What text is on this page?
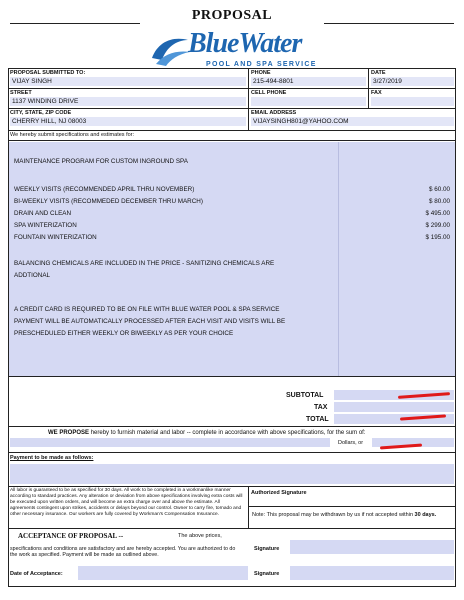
PROPOSAL
BlueWater
POOL AND SPA SERVICE
PROPOSAL SUBMITTED TO:
VIJAY SINGH
PHONE
215-494-8801
DATE
3/27/2019
STREET
1137 WINDING DRIVE
CELL PHONE	FAX
CITY, STATE, ZIP CODE
CHERRY HILL, NJ 08003
EMAIL ADDRESS
VIJAYSINGH801@YAHOO.COM
We hereby submit specifications and estimates for:
MAINTENANCE PROGRAM FOR CUSTOM INGROUND SPA
WEEKLY VISITS (RECOMMENDED APRIL THRU NOVEMBER)	$ 60.00
BI-WEEKLY VISITS (RECOMMEDED DECEMBER THRU MARCH)	$ 80.00
DRAIN AND CLEAN	$ 495.00
SPA WINTERIZATION	$ 299.00
FOUNTAIN WINTERIZATION	$ 195.00
BALANCING CHEMICALS ARE INCLUDED IN THE PRICE - SANITIZING CHEMICALS ARE
ADDTIONAL
A CREDIT CARD IS REQUIRED TO BE ON FILE WITH BLUE WATER POOL & SPA SERVICE
PAYMENT WILL BE AUTOMATICALLY PROCESSED AFTER EACH VISIT AND VISITS WILL BE
PRESCHEDULED EITHER WEEKLY OR BIWEEKLY AS PER YOUR CHOICE
SUBTOTAL
TAX
TOTAL
WE PROPOSE hereby to furnish material and labor -- complete in accordance with above specifications, for the sum of:
Dollars, or
Payment to be made as follows:
All labor is guaranteed to be as specified for 30 days. All work to be completed in a workmanlike manner according to standard practices. Any alteration or deviation from above specifications involving extra costs will be executed upon written orders, and will become an extra charge over and above the estimate. All agreements contingent upon strikes, accidents or delays beyond our control. Owner to carry fire, tornado and other necessary insurance. Our workers are fully covered by Workman's Compensation Insurance.
Authorized Signature
Note: This proposal may be withdrawn by us if not accepted within 30 days.
ACCEPTANCE OF PROPOSAL --	The above prices,
specifications and conditions are satisfactory and are hereby accepted. You are authorized to do the work as specified. Payment will be made as outlined above.
Signature
Date of Acceptance:	Signature
